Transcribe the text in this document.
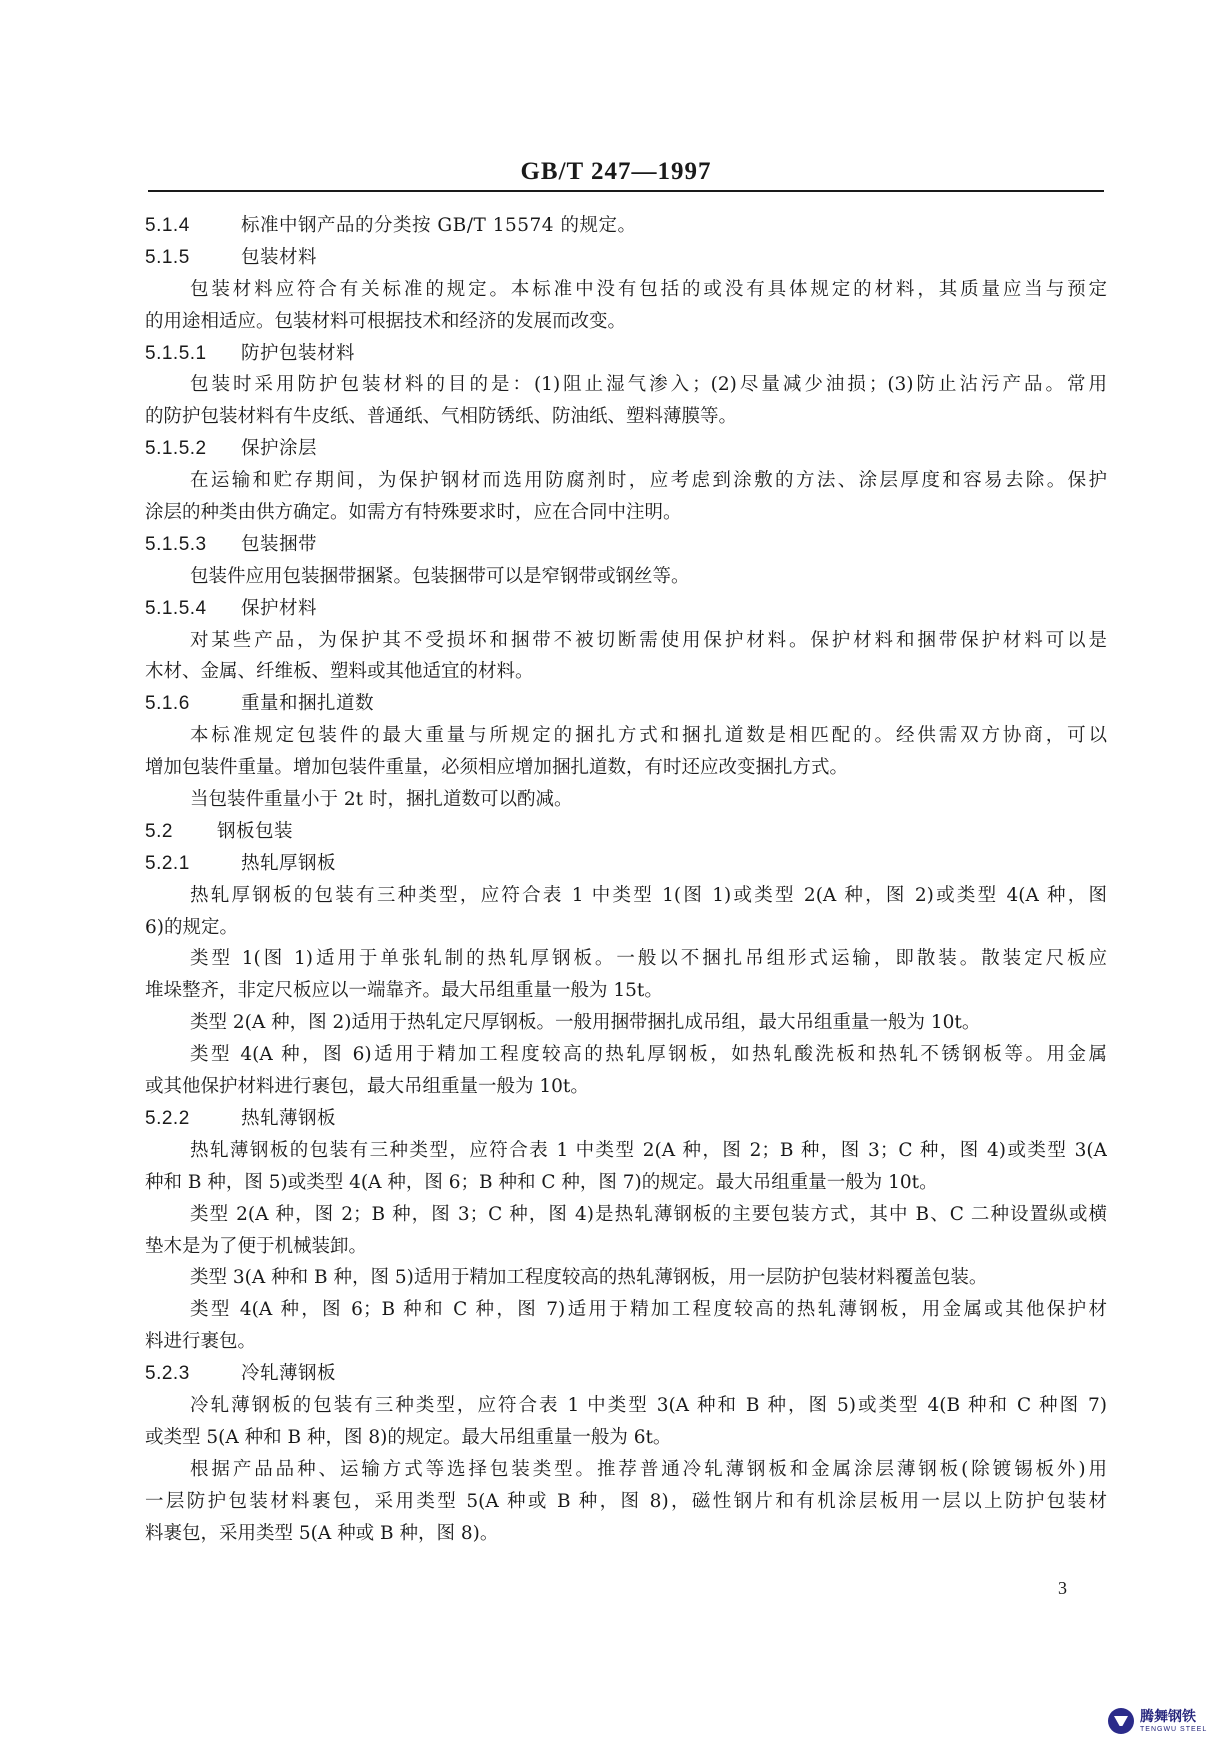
GB/T 247—1997
5.1.4	标准中钢产品的分类按 GB/T 15574 的规定。
5.1.5	包装材料
包装材料应符合有关标准的规定。本标准中没有包括的或没有具体规定的材料，其质量应当与预定
的用途相适应。包装材料可根据技术和经济的发展而改变。
5.1.5.1 防护包装材料
包装时采用防护包装材料的目的是：(1)阻止湿气渗入；(2)尽量减少油损；(3)防止沾污产品。常用
的防护包装材料有牛皮纸、普通纸、气相防锈纸、防油纸、塑料薄膜等。
5.1.5.2 保护涂层
在运输和贮存期间，为保护钢材而选用防腐剂时，应考虑到涂敷的方法、涂层厚度和容易去除。保护
涂层的种类由供方确定。如需方有特殊要求时，应在合同中注明。
5.1.5.3 包装捆带
包装件应用包装捆带捆紧。包装捆带可以是窄钢带或钢丝等。
5.1.5.4 保护材料
对某些产品，为保护其不受损坏和捆带不被切断需使用保护材料。保护材料和捆带保护材料可以是
木材、金属、纤维板、塑料或其他适宜的材料。
5.1.6	重量和捆扎道数
本标准规定包装件的最大重量与所规定的捆扎方式和捆扎道数是相匹配的。经供需双方协商，可以
增加包装件重量。增加包装件重量，必须相应增加捆扎道数，有时还应改变捆扎方式。
当包装件重量小于 2t 时，捆扎道数可以酌减。
5.2 钢板包装
5.2.1	热轧厚钢板
热轧厚钢板的包装有三种类型，应符合表 1 中类型 1(图 1)或类型 2(A 种，图 2)或类型 4(A 种，图
6)的规定。
类型 1(图 1)适用于单张轧制的热轧厚钢板。一般以不捆扎吊组形式运输，即散装。散装定尺板应
堆垛整齐，非定尺板应以一端靠齐。最大吊组重量一般为 15t。
类型 2(A 种，图 2)适用于热轧定尺厚钢板。一般用捆带捆扎成吊组，最大吊组重量一般为 10t。
类型 4(A 种，图 6)适用于精加工程度较高的热轧厚钢板，如热轧酸洗板和热轧不锈钢板等。用金属
或其他保护材料进行裹包，最大吊组重量一般为 10t。
5.2.2	热轧薄钢板
热轧薄钢板的包装有三种类型，应符合表 1 中类型 2(A 种，图 2；B 种，图 3；C 种，图 4)或类型 3(A
种和 B 种，图 5)或类型 4(A 种，图 6；B 种和 C 种，图 7)的规定。最大吊组重量一般为 10t。
类型 2(A 种，图 2；B 种，图 3；C 种，图 4)是热轧薄钢板的主要包装方式，其中 B、C 二种设置纵或横
垫木是为了便于机械装卸。
类型 3(A 种和 B 种，图 5)适用于精加工程度较高的热轧薄钢板，用一层防护包装材料覆盖包装。
类型 4(A 种，图 6；B 种和 C 种，图 7)适用于精加工程度较高的热轧薄钢板，用金属或其他保护材
料进行裹包。
5.2.3	冷轧薄钢板
冷轧薄钢板的包装有三种类型，应符合表 1 中类型 3(A 种和 B 种，图 5)或类型 4(B 种和 C 种图 7)
或类型 5(A 种和 B 种，图 8)的规定。最大吊组重量一般为 6t。
根据产品品种、运输方式等选择包装类型。推荐普通冷轧薄钢板和金属涂层薄钢板(除镀锡板外)用
一层防护包装材料裹包，采用类型 5(A 种或 B 种，图 8)，磁性钢片和有机涂层板用一层以上防护包装材
料裹包，采用类型 5(A 种或 B 种，图 8)。
3
腾舞钢铁
TENGWU STEEL
